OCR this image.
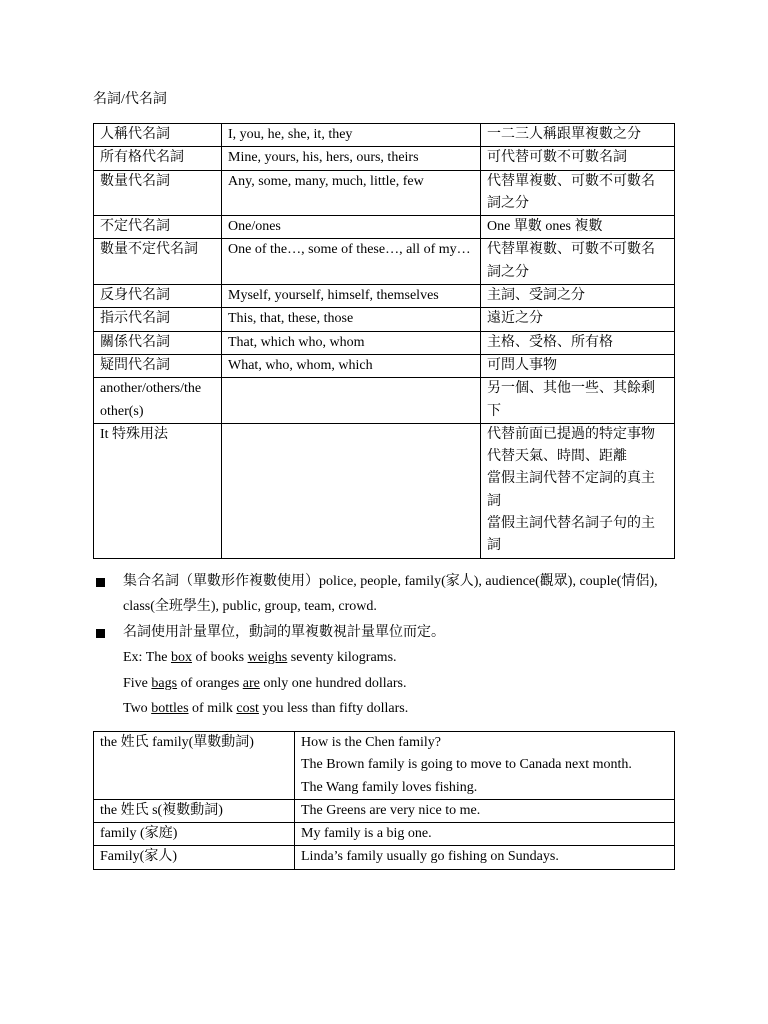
名詞/代名詞
人稱代名詞	I, you, he, she, it, they	一二三人稱跟單複數之分
所有格代名詞	Mine, yours, his, hers, ours, theirs	可代替可數不可數名詞
數量代名詞	Any, some, many, much, little, few	代替單複數、可數不可數名詞之分
不定代名詞	One/ones	One 單數 ones 複數
數量不定代名詞	One of the…, some of these…, all of my…	代替單複數、可數不可數名詞之分
反身代名詞	Myself, yourself, himself, themselves	主詞、受詞之分
指示代名詞	This, that, these, those	遠近之分
關係代名詞	That, which who, whom	主格、受格、所有格
疑問代名詞	What, who, whom, which	可問人事物
another/others/the other(s)		另一個、其他一些、其餘剩下
It 特殊用法		代替前面已提過的特定事物
代替天氣、時間、距離
當假主詞代替不定詞的真主詞
當假主詞代替名詞子句的主詞
集合名詞（單數形作複數使用）police, people, family(家人), audience(觀眾), couple(情侶), class(全班學生), public, group, team, crowd.
名詞使用計量單位，動詞的單複數視計量單位而定。
Ex: The box of books weighs seventy kilograms.
Five bags of oranges are only one hundred dollars.
Two bottles of milk cost you less than fifty dollars.
the 姓氏 family(單數動詞)	How is the Chen family?
The Brown family is going to move to Canada next month.
The Wang family loves fishing.

the 姓氏 s(複數動詞)	The Greens are very nice to me.

family (家庭)	My family is a big one.

Family(家人)	Linda’s family usually go fishing on Sundays.
